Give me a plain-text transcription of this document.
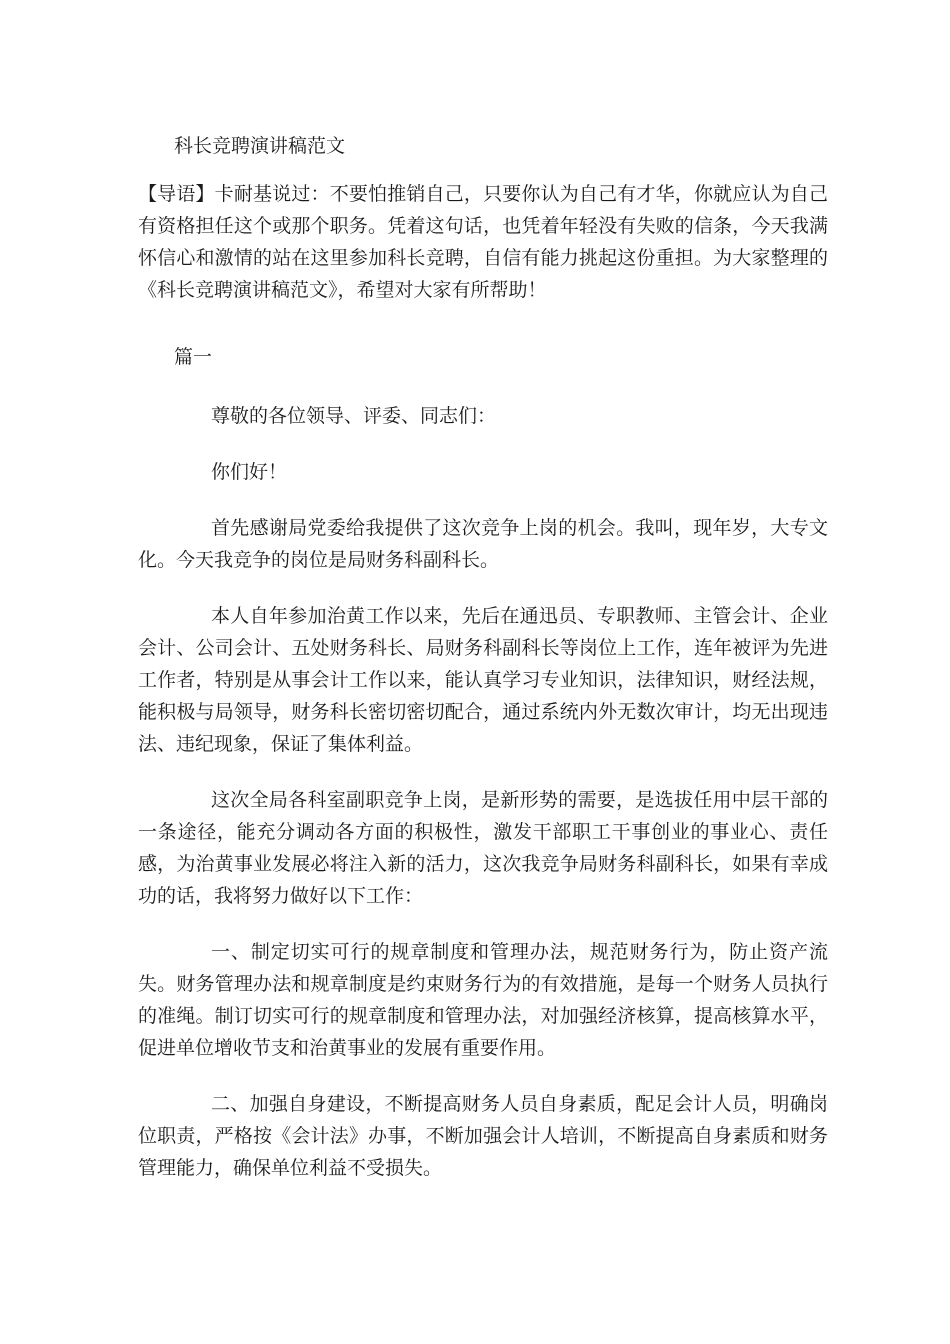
科长竞聘演讲稿范文

【导语】卡耐基说过：不要怕推销自己，只要你认为自己有才华，你就应认为自己有资格担任这个或那个职务。凭着这句话，也凭着年轻没有失败的信条，今天我满怀信心和激情的站在这里参加科长竞聘，自信有能力挑起这份重担。为大家整理的《科长竞聘演讲稿范文》，希望对大家有所帮助！

篇一

尊敬的各位领导、评委、同志们：

你们好！

首先感谢局党委给我提供了这次竞争上岗的机会。我叫，现年岁，大专文化。今天我竞争的岗位是局财务科副科长。

本人自年参加治黄工作以来，先后在通迅员、专职教师、主管会计、企业会计、公司会计、五处财务科长、局财务科副科长等岗位上工作，连年被评为先进工作者，特别是从事会计工作以来，能认真学习专业知识，法律知识，财经法规，能积极与局领导，财务科长密切密切配合，通过系统内外无数次审计，均无出现违法、违纪现象，保证了集体利益。

这次全局各科室副职竞争上岗，是新形势的需要，是选拔任用中层干部的一条途径，能充分调动各方面的积极性，激发干部职工干事创业的事业心、责任感，为治黄事业发展必将注入新的活力，这次我竞争局财务科副科长，如果有幸成功的话，我将努力做好以下工作：

一、制定切实可行的规章制度和管理办法，规范财务行为，防止资产流失。财务管理办法和规章制度是约束财务行为的有效措施，是每一个财务人员执行的准绳。制订切实可行的规章制度和管理办法，对加强经济核算，提高核算水平，促进单位增收节支和治黄事业的发展有重要作用。

二、加强自身建设，不断提高财务人员自身素质，配足会计人员，明确岗位职责，严格按《会计法》办事，不断加强会计人培训，不断提高自身素质和财务管理能力，确保单位利益不受损失。
